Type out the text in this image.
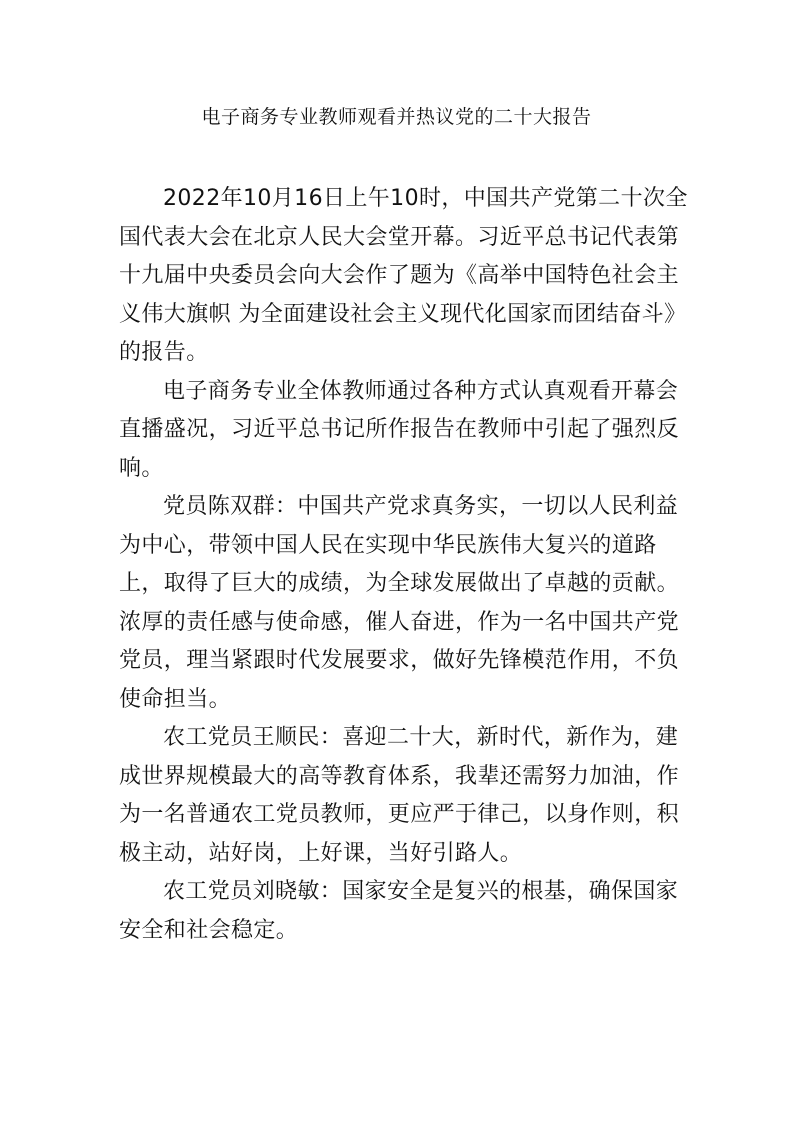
电子商务专业教师观看并热议党的二十大报告

2022年10月16日上午10时，中国共产党第二十次全国代表大会在北京人民大会堂开幕。习近平总书记代表第十九届中央委员会向大会作了题为《高举中国特色社会主义伟大旗帜 为全面建设社会主义现代化国家而团结奋斗》的报告。

电子商务专业全体教师通过各种方式认真观看开幕会直播盛况，习近平总书记所作报告在教师中引起了强烈反响。

党员陈双群：中国共产党求真务实，一切以人民利益为中心，带领中国人民在实现中华民族伟大复兴的道路上，取得了巨大的成绩，为全球发展做出了卓越的贡献。浓厚的责任感与使命感，催人奋进，作为一名中国共产党党员，理当紧跟时代发展要求，做好先锋模范作用，不负使命担当。

农工党员王顺民：喜迎二十大，新时代，新作为，建成世界规模最大的高等教育体系，我辈还需努力加油，作为一名普通农工党员教师，更应严于律己，以身作则，积极主动，站好岗，上好课，当好引路人。

农工党员刘晓敏：国家安全是复兴的根基，确保国家安全和社会稳定。
